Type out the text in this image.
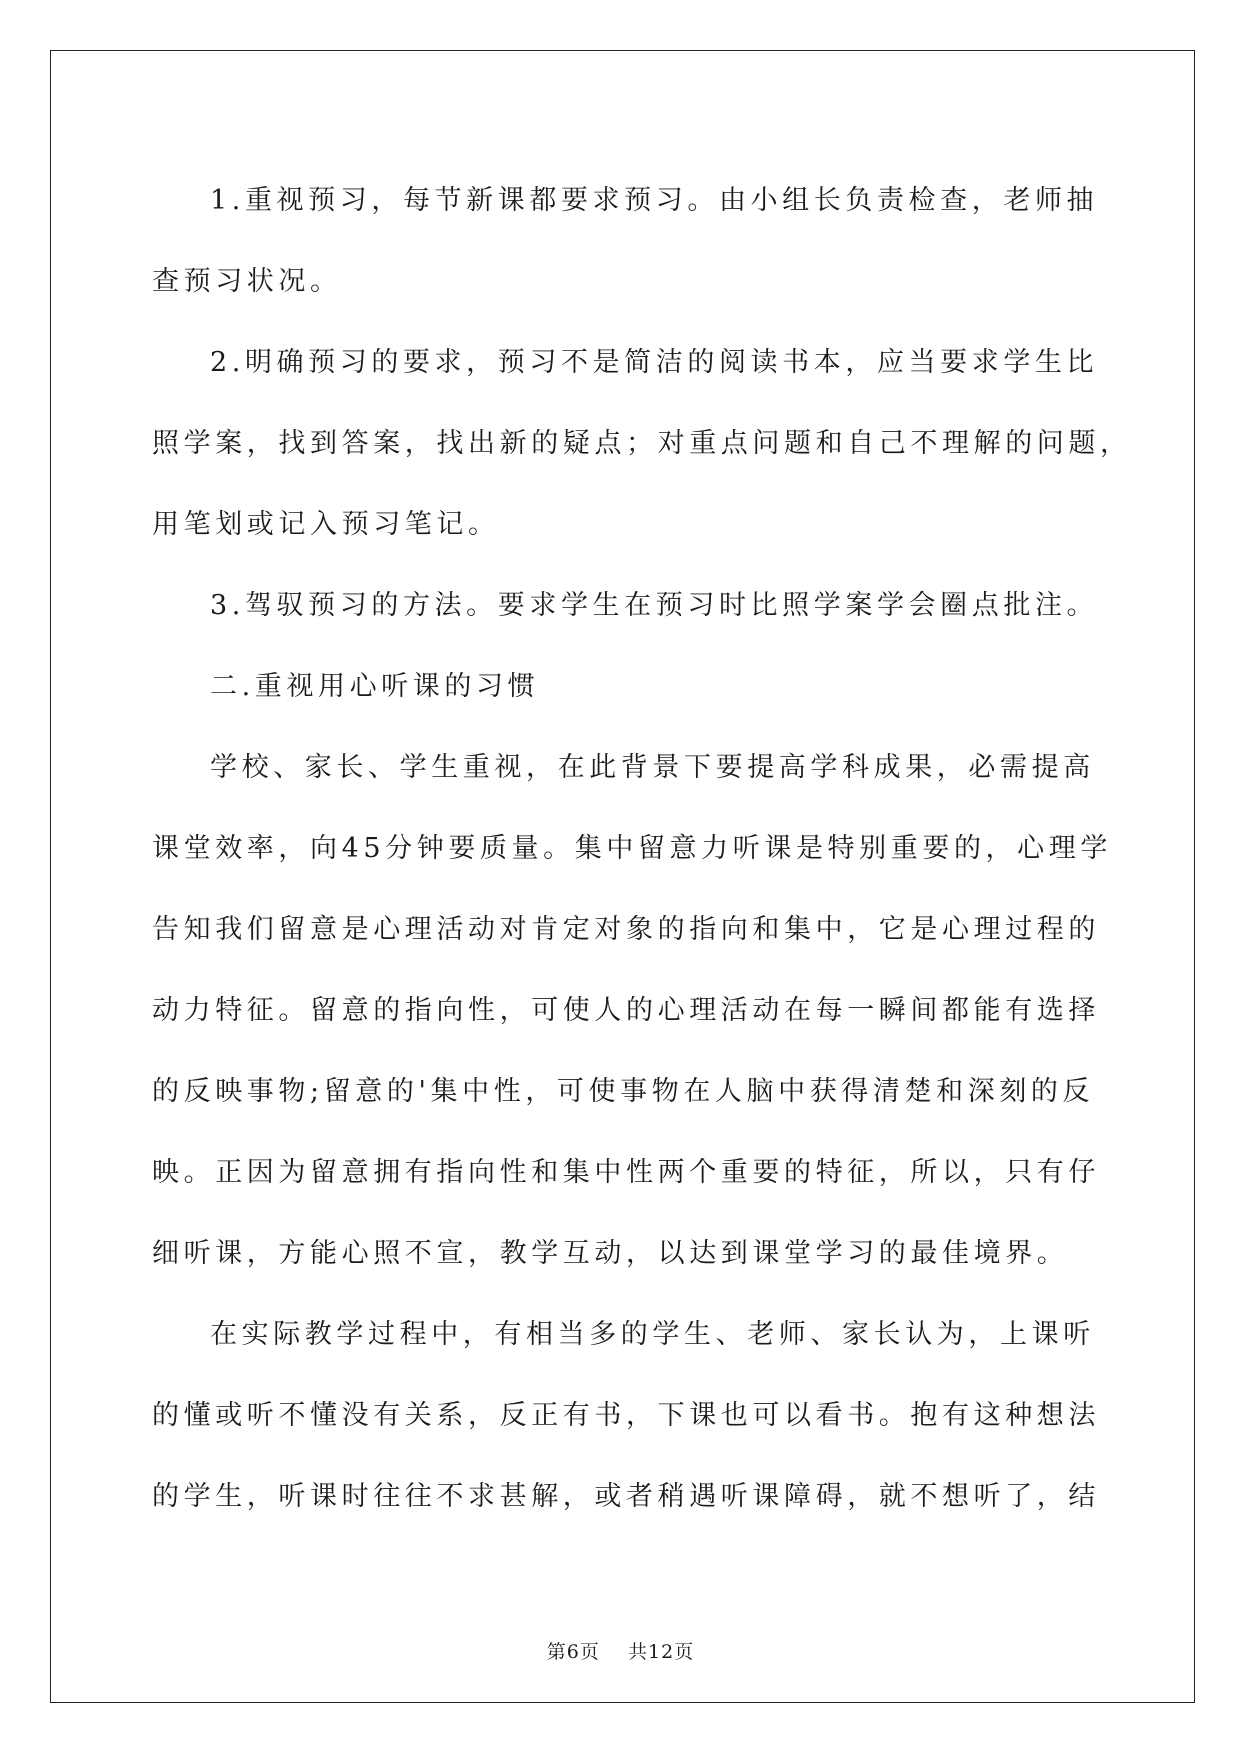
1.重视预习，每节新课都要求预习。由小组长负责检查，老师抽
查预习状况。
2.明确预习的要求，预习不是简洁的阅读书本，应当要求学生比
照学案，找到答案，找出新的疑点；对重点问题和自己不理解的问题，
用笔划或记入预习笔记。
3.驾驭预习的方法。要求学生在预习时比照学案学会圈点批注。
二.重视用心听课的习惯
学校、家长、学生重视，在此背景下要提高学科成果，必需提高
课堂效率，向45分钟要质量。集中留意力听课是特别重要的，心理学
告知我们留意是心理活动对肯定对象的指向和集中，它是心理过程的
动力特征。留意的指向性，可使人的心理活动在每一瞬间都能有选择
的反映事物;留意的'集中性，可使事物在人脑中获得清楚和深刻的反
映。正因为留意拥有指向性和集中性两个重要的特征，所以，只有仔
细听课，方能心照不宣，教学互动，以达到课堂学习的最佳境界。
在实际教学过程中，有相当多的学生、老师、家长认为，上课听
的懂或听不懂没有关系，反正有书，下课也可以看书。抱有这种想法
的学生，听课时往往不求甚解，或者稍遇听课障碍，就不想听了，结
第6页 共12页
